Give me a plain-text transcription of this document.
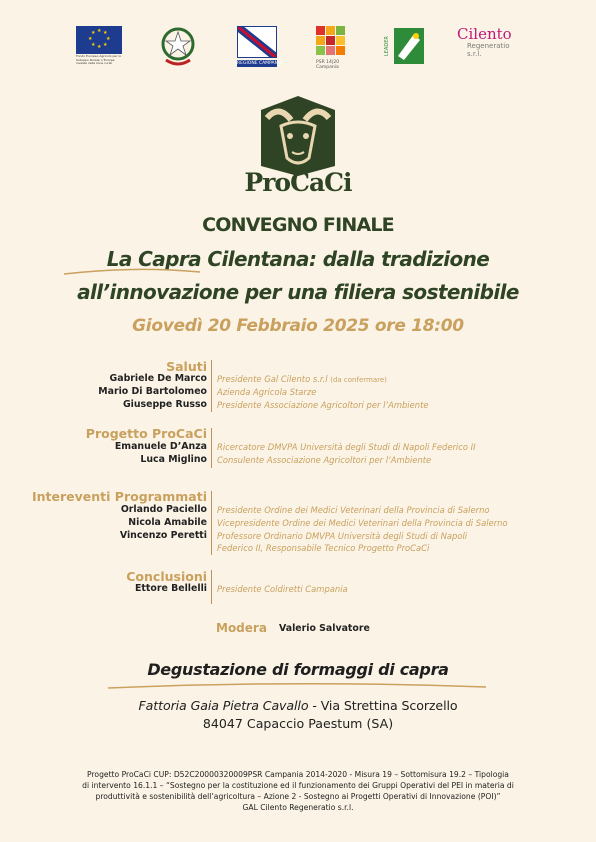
★ ★
★
★
★
★
★
★
Fondo Europeo Agricolo per lo Sviluppo Rurale: L'Europa investe nelle zone rurali	REGIONE CAMPANIA	PSR 14|20
Campania
LEADER
Cilento
Regeneratio s.r.l.
ProCaCi
CONVEGNO FINALE
La Capra Cilentana: dalla tradizione
all’innovazione per una filiera sostenibile
Giovedì 20 Febbraio 2025 ore 18:00
Saluti
Gabriele De Marco Presidente Gal Cilento s.r.l (da confermare)
Mario Di Bartolomeo Azienda Agricola Starze
Giuseppe Russo Presidente Associazione Agricoltori per l’Ambiente
Progetto ProCaCi
Emanuele D’Anza Ricercatore DMVPA Università degli Studi di Napoli Federico II
Luca Miglino Consulente Associazione Agricoltori per l’Ambiente
Intereventi Programmati
Orlando Paciello Presidente Ordine dei Medici Veterinari della Provincia di Salerno
Nicola Amabile Vicepresidente Ordine dei Medici Veterinari della Provincia di Salerno
Vincenzo Peretti Professore Ordinario DMVPA Università degli Studi di Napoli
Federico II, Responsabile Tecnico Progetto ProCaCi
Conclusioni
Ettore Bellelli Presidente Coldiretti Campania
Modera Valerio Salvatore
Degustazione di formaggi di capra
Fattoria Gaia Pietra Cavallo - Via Strettina Scorzello
84047 Capaccio Paestum (SA)
Progetto ProCaCi CUP: D52C20000320009PSR Campania 2014-2020 - Misura 19 – Sottomisura 19.2 – Tipologia
di intervento 16.1.1 – “Sostegno per la costituzione ed il funzionamento dei Gruppi Operativi del PEI in materia di
produttività e sostenibilità dell’agricoltura – Azione 2 - Sostegno ai Progetti Operativi di Innovazione (POI)”
GAL Cilento Regeneratio s.r.l.
